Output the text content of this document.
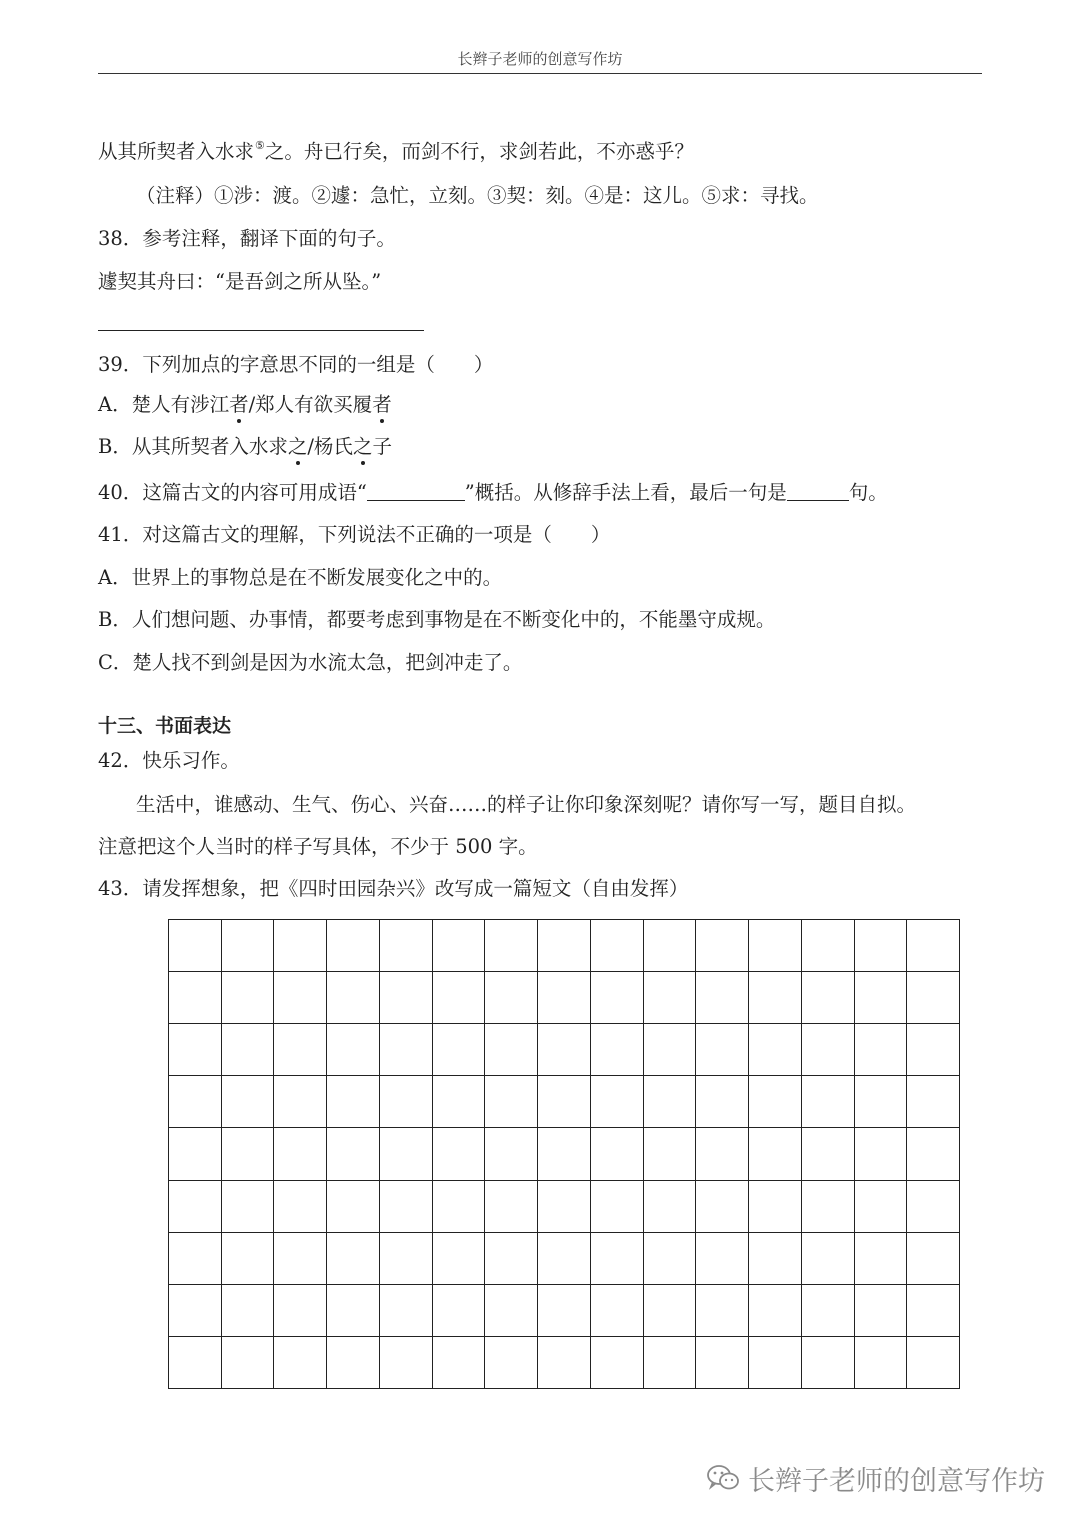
长辫子老师的创意写作坊
从其所契者入水求⑤之。舟已行矣，而剑不行，求剑若此，不亦惑乎？
（注释）①涉：渡。②遽：急忙，立刻。③契：刻。④是：这儿。⑤求：寻找。
38．参考注释，翻译下面的句子。
遽契其舟曰：“是吾剑之所从坠。”
39．下列加点的字意思不同的一组是（　　）
A．楚人有涉江者/郑人有欲买履者
B．从其所契者入水求之/杨氏之子
40．这篇古文的内容可用成语“	”概括。从修辞手法上看，最后一句是	句。
41．对这篇古文的理解，下列说法不正确的一项是（　　）
A．世界上的事物总是在不断发展变化之中的。
B．人们想问题、办事情，都要考虑到事物是在不断变化中的，不能墨守成规。
C．楚人找不到剑是因为水流太急，把剑冲走了。
十三、书面表达
42．快乐习作。
生活中，谁感动、生气、伤心、兴奋……的样子让你印象深刻呢？请你写一写，题目自拟。
注意把这个人当时的样子写具体，不少于 500 字。
43．请发挥想象，把《四时田园杂兴》改写成一篇短文（自由发挥）
长辫子老师的创意写作坊
